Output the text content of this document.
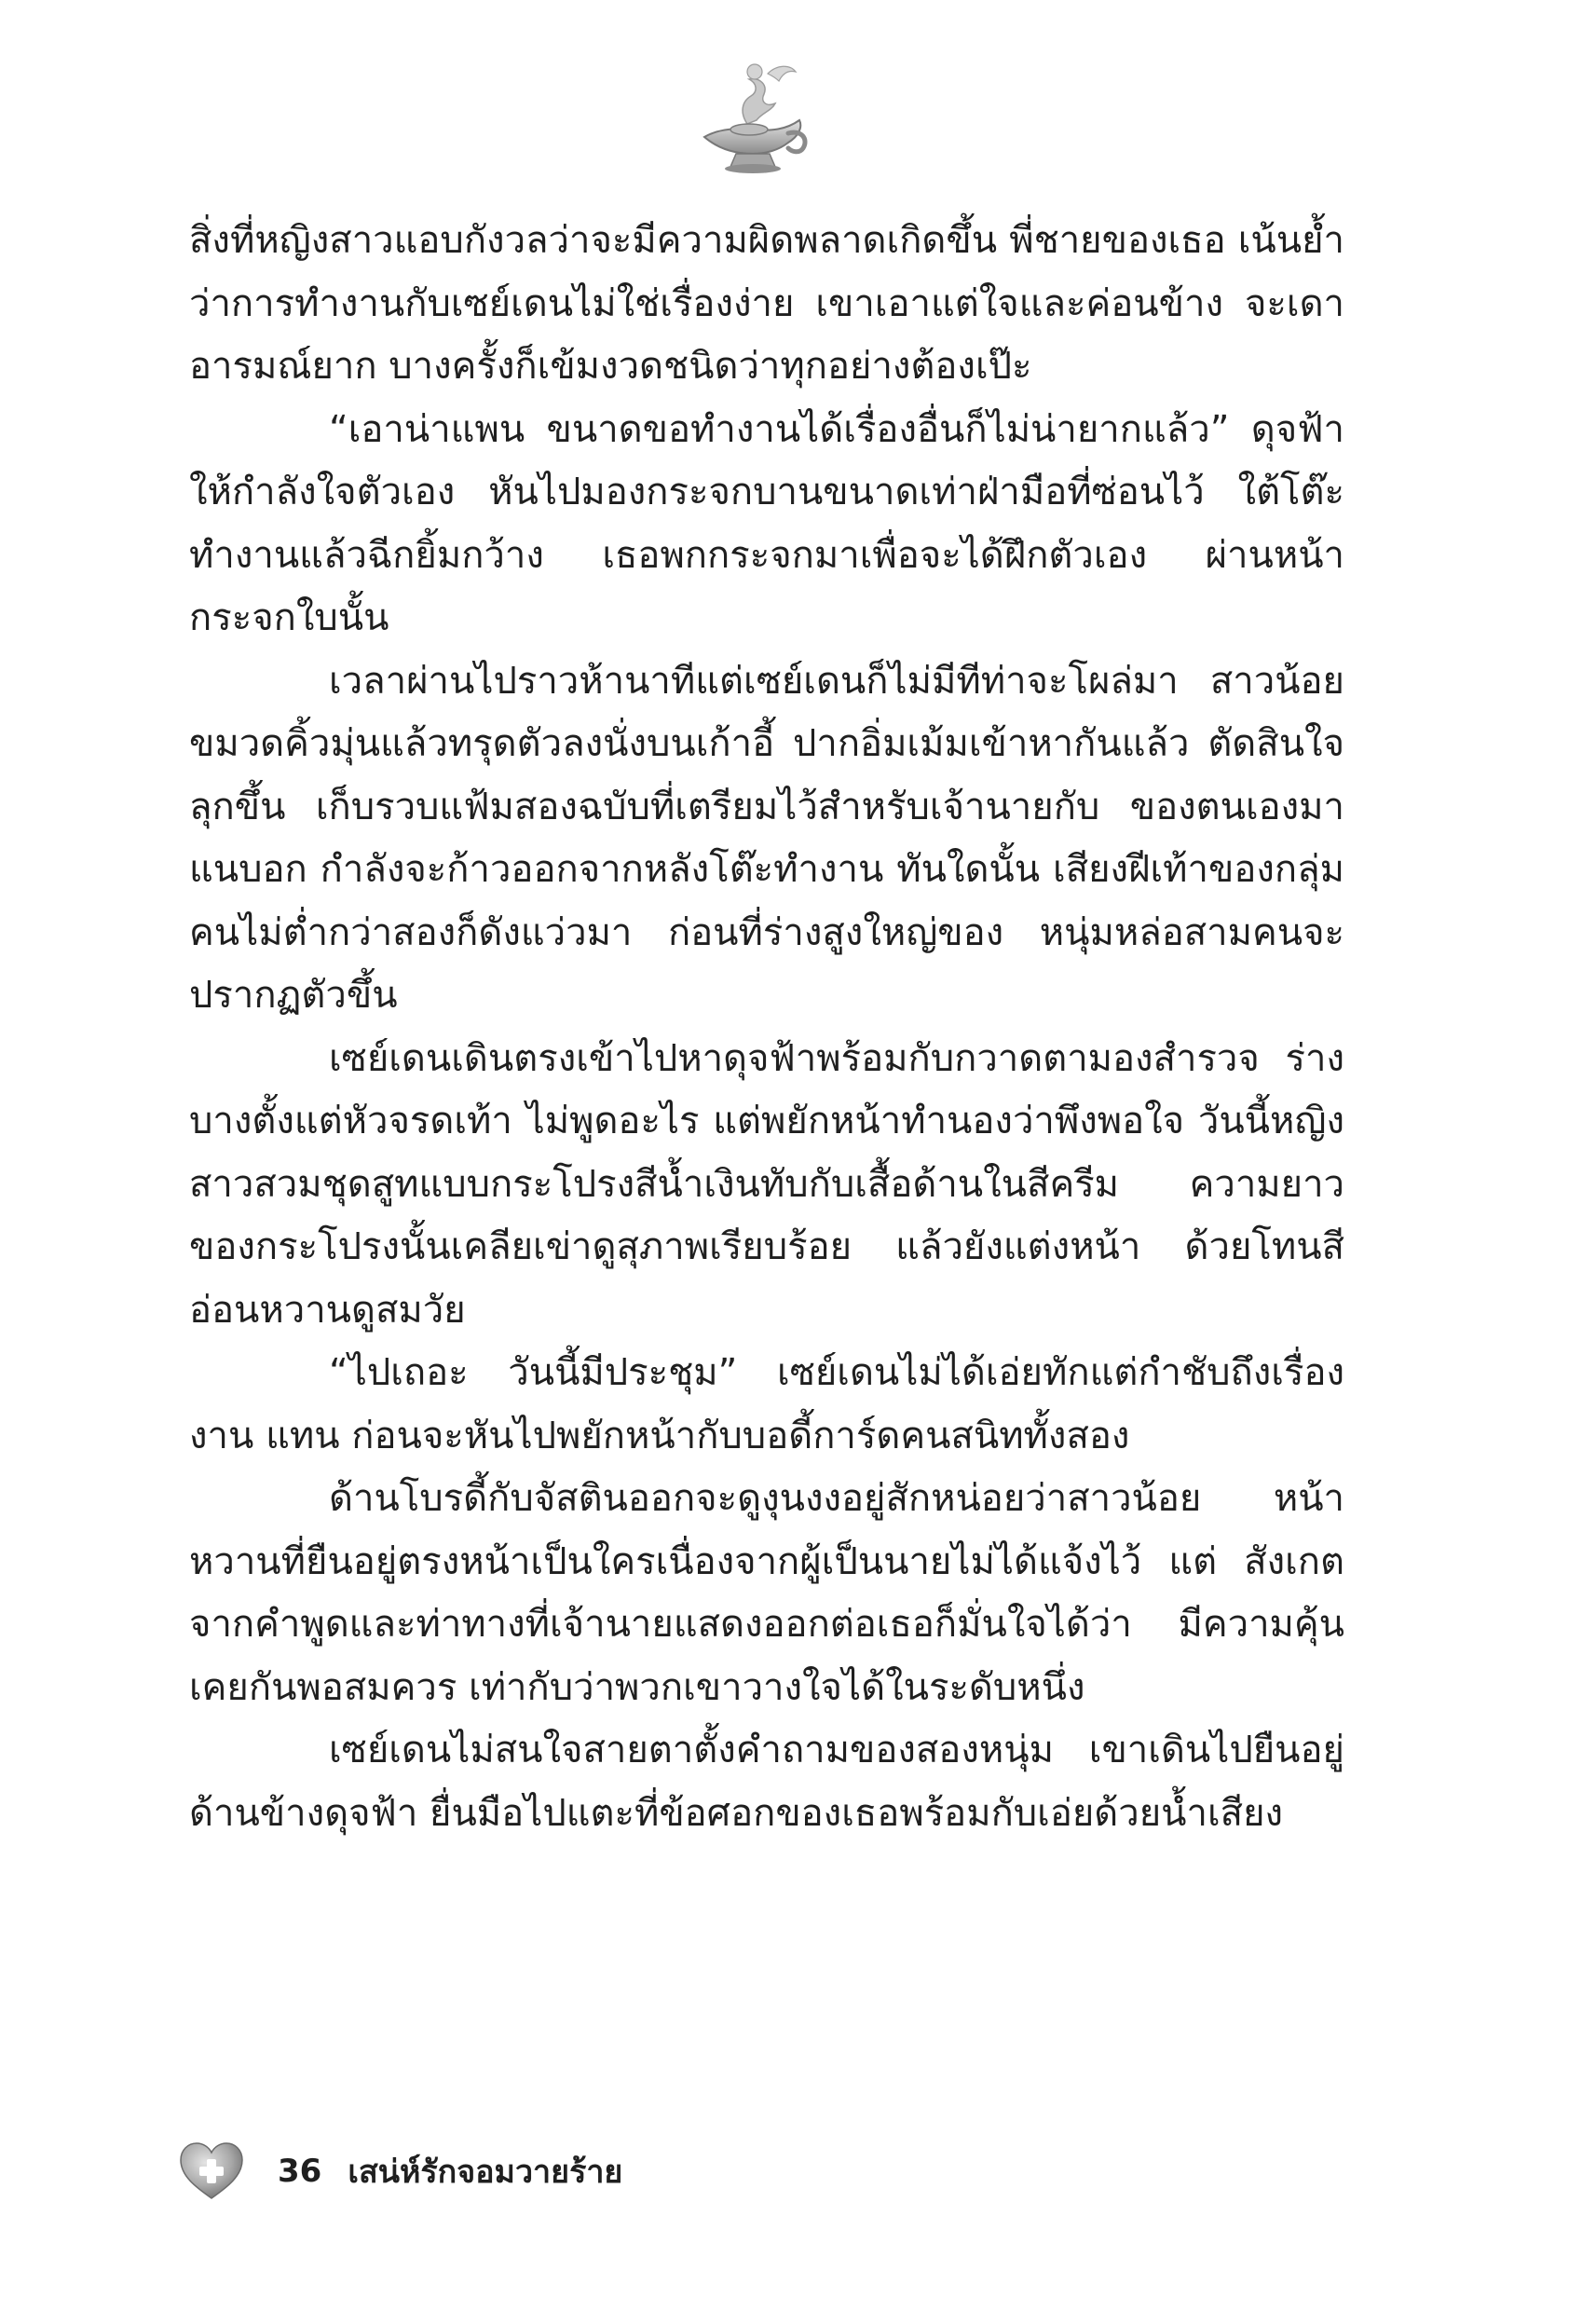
สิ่งที่หญิงสาวแอบกังวลว่าจะมีความผิดพลาดเกิดขึ้น พี่ชายของเธอ เน้นย้ำว่าการทำงานกับเซย์เดนไม่ใช่เรื่องง่าย เขาเอาแต่ใจและค่อนข้าง จะเดาอารมณ์ยาก บางครั้งก็เข้มงวดชนิดว่าทุกอย่างต้องเป๊ะ

“เอาน่าแพน ขนาดขอทำงานได้เรื่องอื่นก็ไม่น่ายากแล้ว” ดุจฟ้า ให้กำลังใจตัวเอง หันไปมองกระจกบานขนาดเท่าฝ่ามือที่ซ่อนไว้ ใต้โต๊ะทำงานแล้วฉีกยิ้มกว้าง เธอพกกระจกมาเพื่อจะได้ฝึกตัวเอง ผ่านหน้ากระจกใบนั้น

เวลาผ่านไปราวห้านาทีแต่เซย์เดนก็ไม่มีทีท่าจะโผล่มา สาวน้อย ขมวดคิ้วมุ่นแล้วทรุดตัวลงนั่งบนเก้าอี้ ปากอิ่มเม้มเข้าหากันแล้ว ตัดสินใจลุกขึ้น เก็บรวบแฟ้มสองฉบับที่เตรียมไว้สำหรับเจ้านายกับ ของตนเองมาแนบอก กำลังจะก้าวออกจากหลังโต๊ะทำงาน ทันใดนั้น เสียงฝีเท้าของกลุ่มคนไม่ต่ำกว่าสองก็ดังแว่วมา ก่อนที่ร่างสูงใหญ่ของ หนุ่มหล่อสามคนจะปรากฏตัวขึ้น

เซย์เดนเดินตรงเข้าไปหาดุจฟ้าพร้อมกับกวาดตามองสำรวจ ร่างบางตั้งแต่หัวจรดเท้า ไม่พูดอะไร แต่พยักหน้าทำนองว่าพึงพอใจ วันนี้หญิงสาวสวมชุดสูทแบบกระโปรงสีน้ำเงินทับกับเสื้อด้านในสีครีม ความยาวของกระโปรงนั้นเคลียเข่าดูสุภาพเรียบร้อย แล้วยังแต่งหน้า ด้วยโทนสีอ่อนหวานดูสมวัย

“ไปเถอะ วันนี้มีประชุม” เซย์เดนไม่ได้เอ่ยทักแต่กำชับถึงเรื่องงาน แทน ก่อนจะหันไปพยักหน้ากับบอดี้การ์ดคนสนิททั้งสอง

ด้านโบรดี้กับจัสตินออกจะดูงุนงงอยู่สักหน่อยว่าสาวน้อย หน้าหวานที่ยืนอยู่ตรงหน้าเป็นใครเนื่องจากผู้เป็นนายไม่ได้แจ้งไว้ แต่ สังเกตจากคำพูดและท่าทางที่เจ้านายแสดงออกต่อเธอก็มั่นใจได้ว่า มีความคุ้นเคยกันพอสมควร เท่ากับว่าพวกเขาวางใจได้ในระดับหนึ่ง

เซย์เดนไม่สนใจสายตาตั้งคำถามของสองหนุ่ม เขาเดินไปยืนอยู่ ด้านข้างดุจฟ้า ยื่นมือไปแตะที่ข้อศอกของเธอพร้อมกับเอ่ยด้วยน้ำเสียง

36 เสน่ห์รักจอมวายร้าย
